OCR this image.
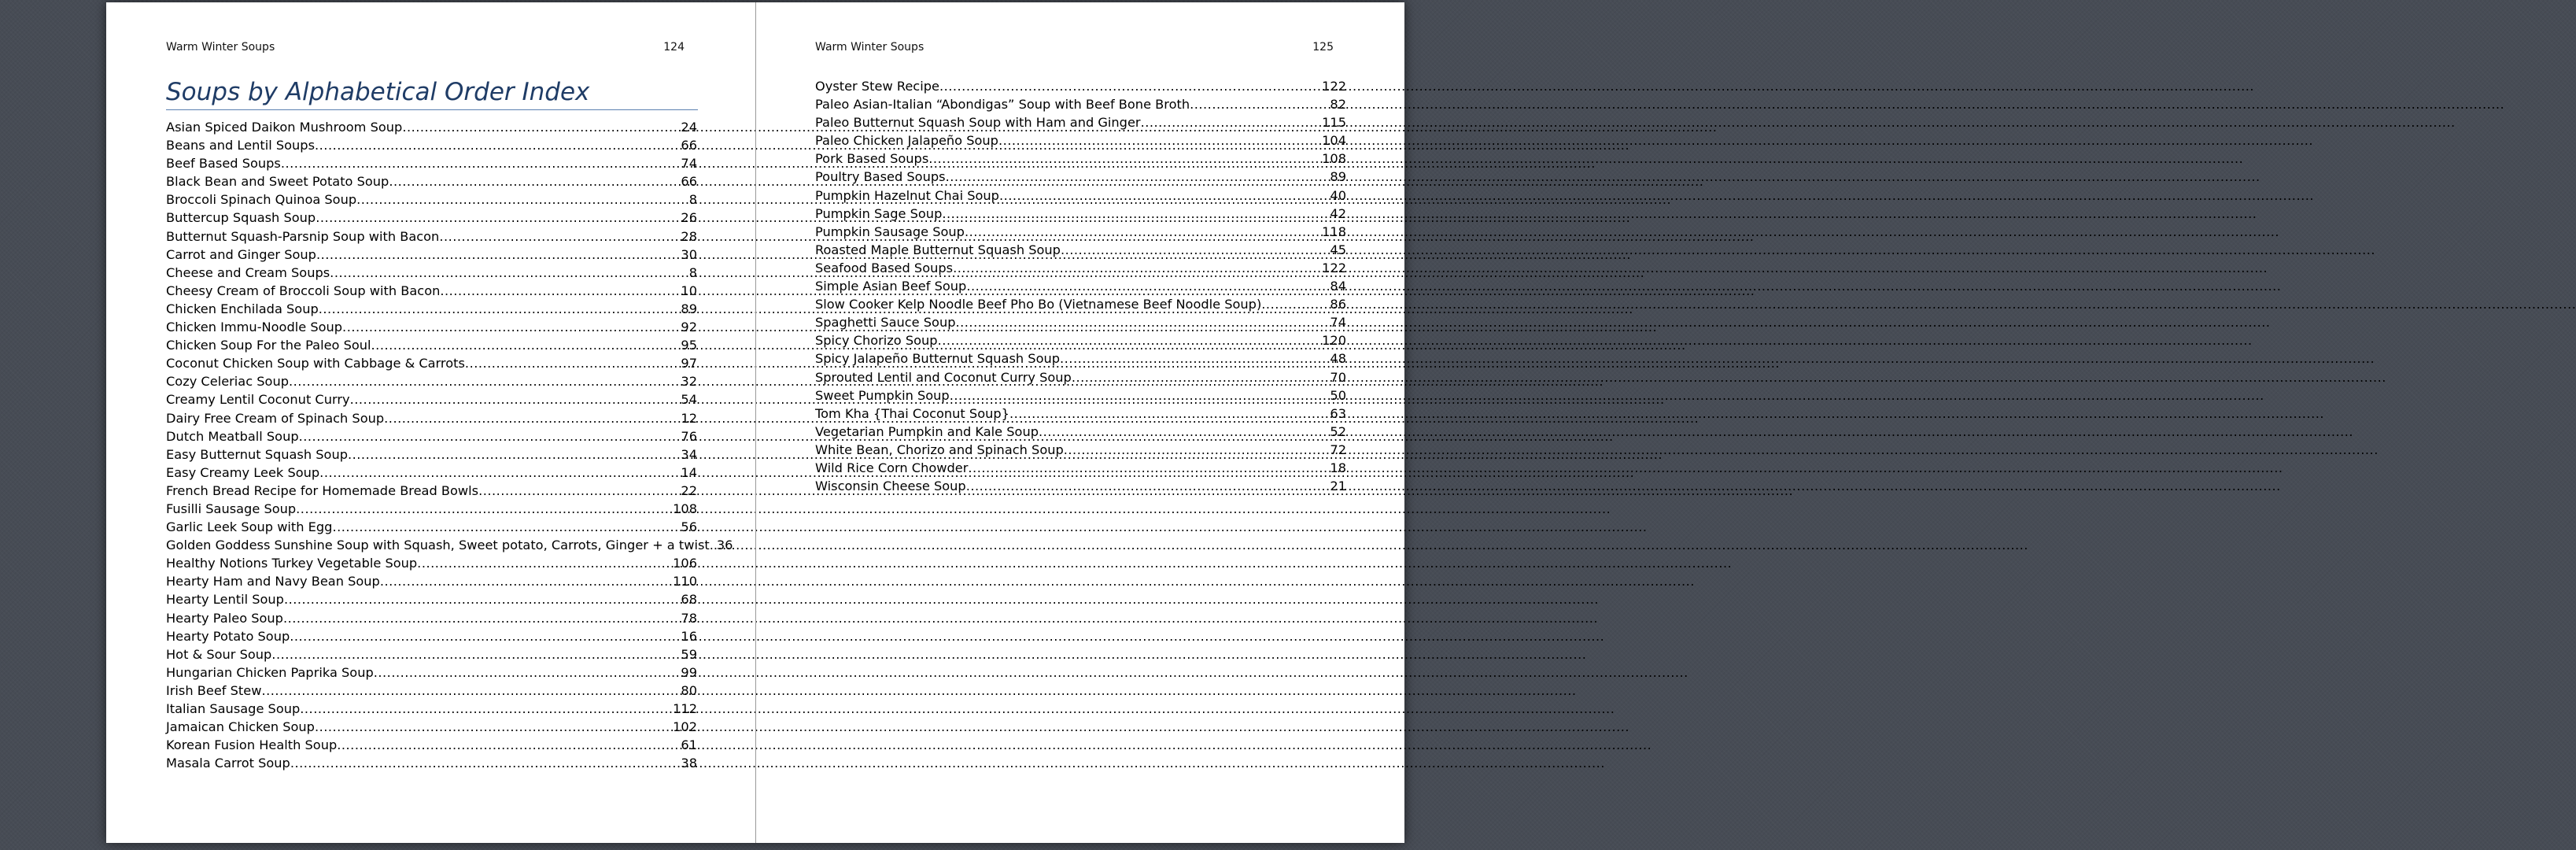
Warm Winter Soups	124
Soups by Alphabetical Order Index
Asian Spiced Daikon Mushroom Soup .....	24
Beans and Lentil Soups .....	66
Beef Based Soups .....	74
Black Bean and Sweet Potato Soup .....	66
Broccoli Spinach Quinoa Soup .....	8
Buttercup Squash Soup .....	26
Butternut Squash-Parsnip Soup with Bacon .....	28
Carrot and Ginger Soup .....	30
Cheese and Cream Soups .....	8
Cheesy Cream of Broccoli Soup with Bacon .....	10
Chicken Enchilada Soup .....	89
Chicken Immu-Noodle Soup .....	92
Chicken Soup For the Paleo Soul .....	95
Coconut Chicken Soup with Cabbage & Carrots .....	97
Cozy Celeriac Soup .....	32
Creamy Lentil Coconut Curry .....	54
Dairy Free Cream of Spinach Soup .....	12
Dutch Meatball Soup .....	76
Easy Butternut Squash Soup .....	34
Easy Creamy Leek Soup .....	14
French Bread Recipe for Homemade Bread Bowls .....	22
Fusilli Sausage Soup .....	108
Garlic Leek Soup with Egg .....	56
Golden Goddess Sunshine Soup with Squash, Sweet potato, Carrots, Ginger + a twist. ..... 36
Healthy Notions Turkey Vegetable Soup .....	106
Hearty Ham and Navy Bean Soup .....	110
Hearty Lentil Soup .....	68
Hearty Paleo Soup .....	78
Hearty Potato Soup .....	16
Hot & Sour Soup .....	59
Hungarian Chicken Paprika Soup .....	99
Irish Beef Stew .....	80
Italian Sausage Soup .....	112
Jamaican Chicken Soup .....	102
Korean Fusion Health Soup .....	61
Masala Carrot Soup .....	38
Warm Winter Soups	125
Oyster Stew Recipe .....	122
Paleo Asian-Italian “Abondigas” Soup with Beef Bone Broth .....	82
Paleo Butternut Squash Soup with Ham and Ginger .....	115
Paleo Chicken Jalapeño Soup .....	104
Pork Based Soups .....	108
Poultry Based Soups .....	89
Pumpkin Hazelnut Chai Soup .....	40
Pumpkin Sage Soup .....	42
Pumpkin Sausage Soup .....	118
Roasted Maple Butternut Squash Soup .....	45
Seafood Based Soups .....	122
Simple Asian Beef Soup .....	84
Slow Cooker Kelp Noodle Beef Pho Bo (Vietnamese Beef Noodle Soup) .....	86
Spaghetti Sauce Soup .....	74
Spicy Chorizo Soup .....	120
Spicy Jalapeño Butternut Squash Soup .....	48
Sprouted Lentil and Coconut Curry Soup .....	70
Sweet Pumpkin Soup .....	50
Tom Kha {Thai Coconut Soup} .....	63
Vegetarian Pumpkin and Kale Soup .....	52
White Bean, Chorizo and Spinach Soup .....	72
Wild Rice Corn Chowder .....	18
Wisconsin Cheese Soup .....	21
